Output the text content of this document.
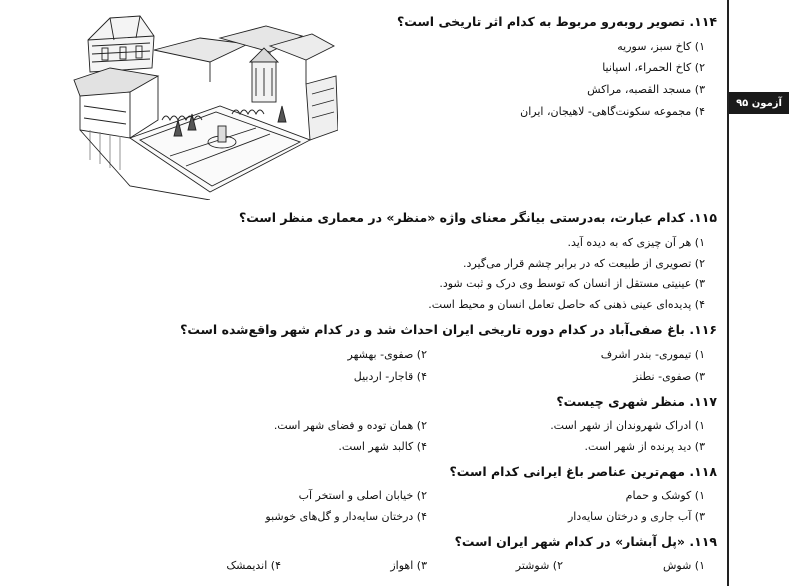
آزمون ۹۵
۱۱۴. تصویر روبه‌رو مربوط به کدام اثر تاریخی است؟
۱) کاخ سبز، سوریه
۲) کاخ الحمراء، اسپانیا
۳) مسجد القصبه، مراکش
۴) مجموعه سکونت‌گاهی- لاهیجان، ایران
۱۱۵. کدام عبارت، به‌درستی بیانگر معنای واژه «منظر» در معماری منظر است؟
۱) هر آن چیزی که به دیده آید.
۲) تصویری از طبیعت که در برابر چشم قرار می‌گیرد.
۳) عینیتی مستقل از انسان که توسط وی درک و ثبت شود.
۴) پدیده‌ای عینی ذهنی که حاصل تعامل انسان و محیط است.
۱۱۶. باغ صفی‌آباد در کدام دوره تاریخی ایران احداث شد و در کدام شهر واقع‌شده است؟
۱) تیموری- بندر اشرف
۲) صفوی- بهشهر
۳) صفوی- نطنز
۴) قاجار- اردبیل
۱۱۷. منظر شهری چیست؟
۱) ادراک شهروندان از شهر است.
۲) همان توده و فضای شهر است.
۳) دید پرنده از شهر است.
۴) کالبد شهر است.
۱۱۸. مهم‌ترین عناصر باغ ایرانی کدام است؟
۱) کوشک و حمام
۲) خیابان اصلی و استخر آب
۳) آب جاری و درختان سایه‌دار
۴) درختان سایه‌دار و گل‌های خوشبو
۱۱۹. «پل آبشار» در کدام شهر ایران است؟
۱) شوش
۲) شوشتر
۳) اهواز
۴) اندیمشک
